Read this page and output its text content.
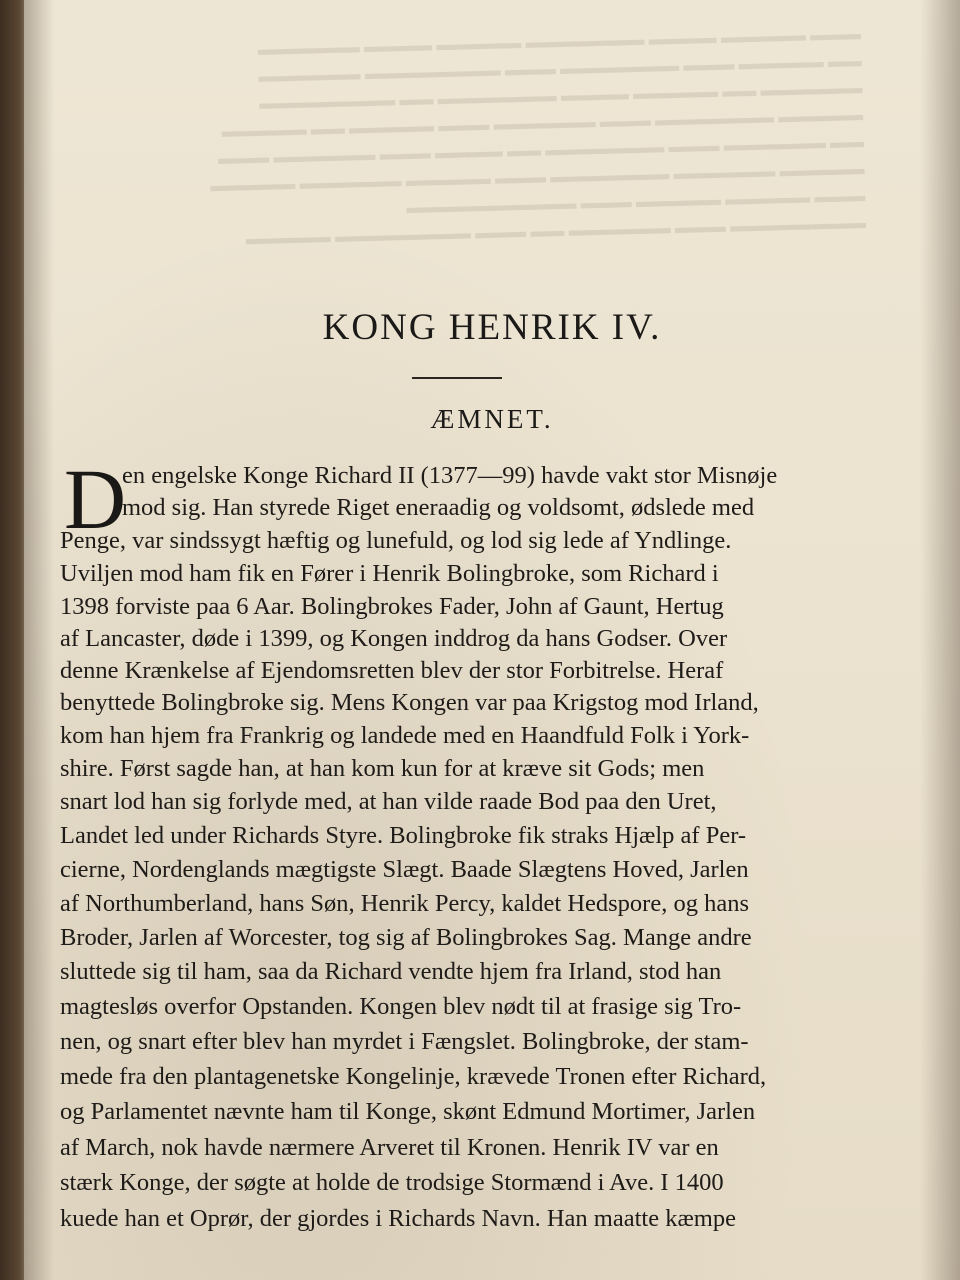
▬▬▬ ▬▬▬▬▬ ▬▬▬▬ ▬▬▬▬▬▬▬ ▬▬▬▬▬ ▬▬▬▬ ▬▬▬▬▬▬
▬▬ ▬▬▬▬▬ ▬▬▬ ▬▬▬▬▬▬▬ ▬▬▬ ▬▬▬▬▬▬▬▬ ▬▬▬▬▬▬
▬▬▬▬▬▬ ▬▬ ▬▬▬▬▬ ▬▬▬▬ ▬▬▬▬▬▬▬ ▬▬ ▬▬▬▬▬▬▬▬
▬▬▬▬▬ ▬▬▬▬▬▬▬ ▬▬▬ ▬▬▬▬▬▬ ▬▬▬ ▬▬▬▬▬ ▬▬ ▬▬▬▬▬
▬▬ ▬▬▬▬▬▬ ▬▬▬ ▬▬▬▬▬▬▬ ▬▬ ▬▬▬▬ ▬▬▬ ▬▬▬▬▬▬ ▬▬▬
▬▬▬▬▬ ▬▬▬▬▬▬ ▬▬▬▬▬▬▬ ▬▬▬ ▬▬▬▬▬ ▬▬▬▬▬▬ ▬▬▬▬▬
▬▬▬ ▬▬▬▬▬ ▬▬▬▬▬ ▬▬▬ ▬▬▬▬▬▬▬▬▬▬
▬▬▬▬▬▬▬▬ ▬▬▬ ▬▬▬▬▬▬ ▬▬ ▬▬▬ ▬▬▬▬▬▬▬▬ ▬▬▬▬▬
KONG HENRIK IV.
ÆMNET.
D
en engelske Konge Richard II (1377—99) havde vakt stor Misnøje
mod sig. Han styrede Riget eneraadig og voldsomt, ødslede med
Penge, var sindssygt hæftig og lunefuld, og lod sig lede af Yndlinge.
Uviljen mod ham fik en Fører i Henrik Bolingbroke, som Richard i
1398 forviste paa 6 Aar. Bolingbrokes Fader, John af Gaunt, Hertug
af Lancaster, døde i 1399, og Kongen inddrog da hans Godser. Over
denne Krænkelse af Ejendomsretten blev der stor Forbitrelse. Heraf
benyttede Bolingbroke sig. Mens Kongen var paa Krigstog mod Irland,
kom han hjem fra Frankrig og landede med en Haandfuld Folk i York-
shire. Først sagde han, at han kom kun for at kræve sit Gods; men
snart lod han sig forlyde med, at han vilde raade Bod paa den Uret,
Landet led under Richards Styre. Bolingbroke fik straks Hjælp af Per-
cierne, Nordenglands mægtigste Slægt. Baade Slægtens Hoved, Jarlen
af Northumberland, hans Søn, Henrik Percy, kaldet Hedspore, og hans
Broder, Jarlen af Worcester, tog sig af Bolingbrokes Sag. Mange andre
sluttede sig til ham, saa da Richard vendte hjem fra Irland, stod han
magtesløs overfor Opstanden. Kongen blev nødt til at frasige sig Tro-
nen, og snart efter blev han myrdet i Fængslet. Bolingbroke, der stam-
mede fra den plantagenetske Kongelinje, krævede Tronen efter Richard,
og Parlamentet nævnte ham til Konge, skønt Edmund Mortimer, Jarlen
af March, nok havde nærmere Arveret til Kronen. Henrik IV var en
stærk Konge, der søgte at holde de trodsige Stormænd i Ave. I 1400
kuede han et Oprør, der gjordes i Richards Navn. Han maatte kæmpe
